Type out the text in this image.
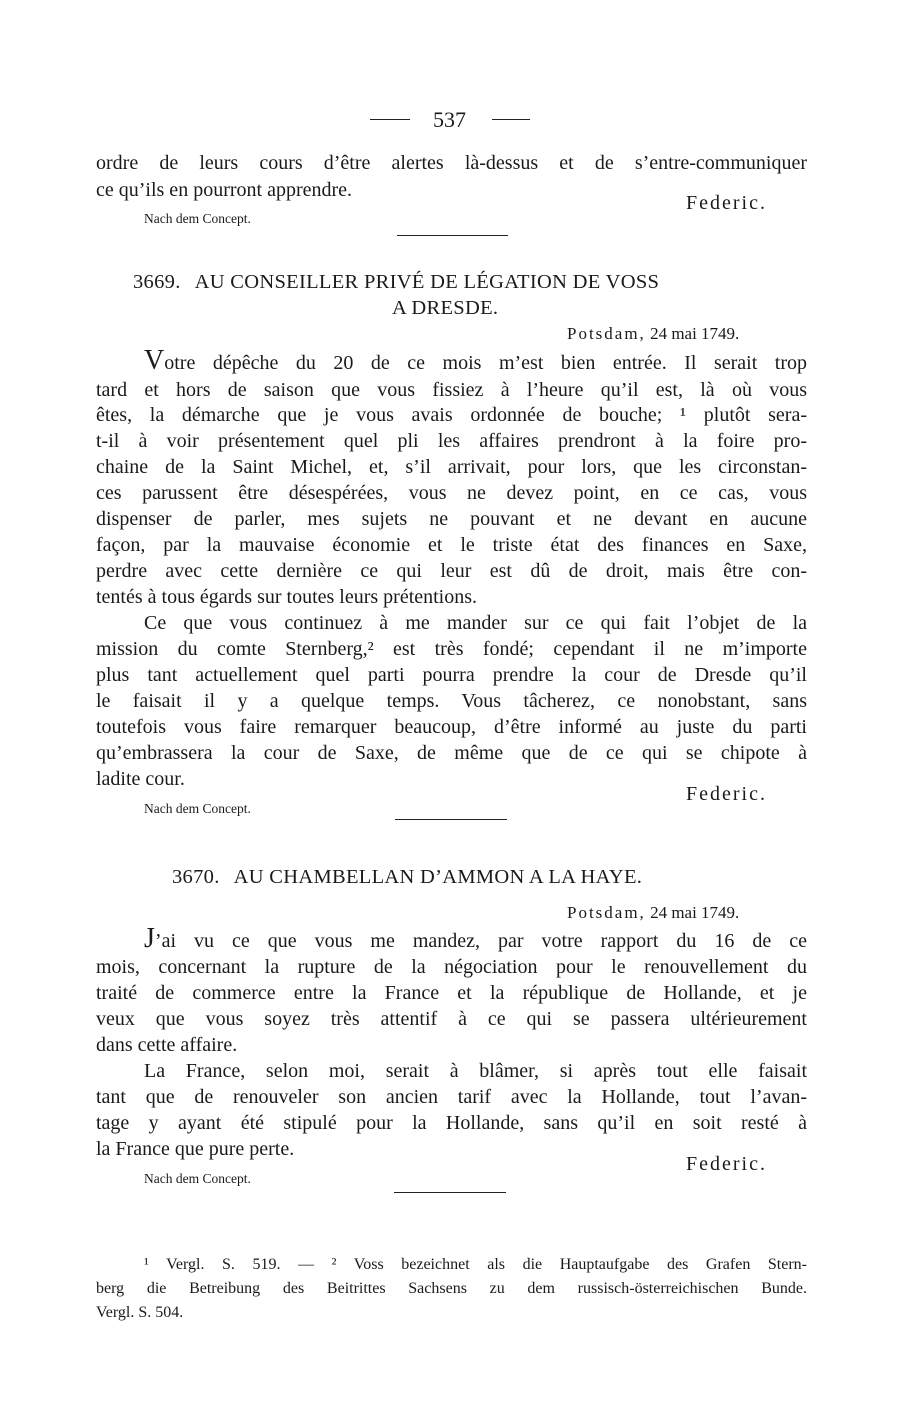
537
ordre de leurs cours d’être alertes là-dessus et de s’entre-communiquer
ce qu’ils en pourront apprendre.
Federic.
Nach dem Concept.
3669. AU CONSEILLER PRIVÉ DE LÉGATION DE VOSS
A DRESDE.
Potsdam, 24 mai 1749.
Votre dépêche du 20 de ce mois m’est bien entrée. Il serait trop
tard et hors de saison que vous fissiez à l’heure qu’il est, là où vous
êtes, la démarche que je vous avais ordonnée de bouche; ¹ plutôt sera-
t-il à voir présentement quel pli les affaires prendront à la foire pro-
chaine de la Saint Michel, et, s’il arrivait, pour lors, que les circonstan-
ces parussent être désespérées, vous ne devez point, en ce cas, vous
dispenser de parler, mes sujets ne pouvant et ne devant en aucune
façon, par la mauvaise économie et le triste état des finances en Saxe,
perdre avec cette dernière ce qui leur est dû de droit, mais être con-
tentés à tous égards sur toutes leurs prétentions.
Ce que vous continuez à me mander sur ce qui fait l’objet de la
mission du comte Sternberg,² est très fondé; cependant il ne m’importe
plus tant actuellement quel parti pourra prendre la cour de Dresde qu’il
le faisait il y a quelque temps. Vous tâcherez, ce nonobstant, sans
toutefois vous faire remarquer beaucoup, d’être informé au juste du parti
qu’embrassera la cour de Saxe, de même que de ce qui se chipote à
ladite cour.
Federic.
Nach dem Concept.
3670. AU CHAMBELLAN D’AMMON A LA HAYE.
Potsdam, 24 mai 1749.
J’ai vu ce que vous me mandez, par votre rapport du 16 de ce
mois, concernant la rupture de la négociation pour le renouvellement du
traité de commerce entre la France et la république de Hollande, et je
veux que vous soyez très attentif à ce qui se passera ultérieurement
dans cette affaire.
La France, selon moi, serait à blâmer, si après tout elle faisait
tant que de renouveler son ancien tarif avec la Hollande, tout l’avan-
tage y ayant été stipulé pour la Hollande, sans qu’il en soit resté à
la France que pure perte.
Federic.
Nach dem Concept.
¹ Vergl. S. 519. — ² Voss bezeichnet als die Hauptaufgabe des Grafen Stern-
berg die Betreibung des Beitrittes Sachsens zu dem russisch-österreichischen Bunde.
Vergl. S. 504.
